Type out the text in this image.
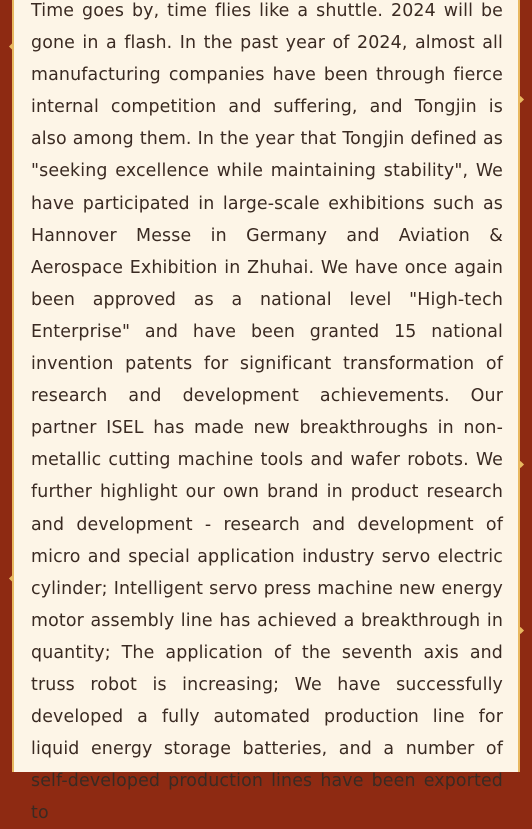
Time goes by, time flies like a shuttle. 2024 will be gone in a flash. In the past year of 2024, almost all manufacturing companies have been through fierce internal competition and suffering, and Tongjin is also among them. In the year that Tongjin defined as "seeking excellence while maintaining stability", We have participated in large-scale exhibitions such as Hannover Messe in Germany and Aviation & Aerospace Exhibition in Zhuhai. We have once again been approved as a national level "High-tech Enterprise" and have been granted 15 national invention patents for significant transformation of research and development achievements. Our partner ISEL has made new breakthroughs in non-metallic cutting machine tools and wafer robots. We further highlight our own brand in product research and development - research and development of micro and special application industry servo electric cylinder; Intelligent servo press machine new energy motor assembly line has achieved a breakthrough in quantity; The application of the seventh axis and truss robot is increasing; We have successfully developed a fully automated production line for liquid energy storage batteries, and a number of self-developed production lines have been exported to
